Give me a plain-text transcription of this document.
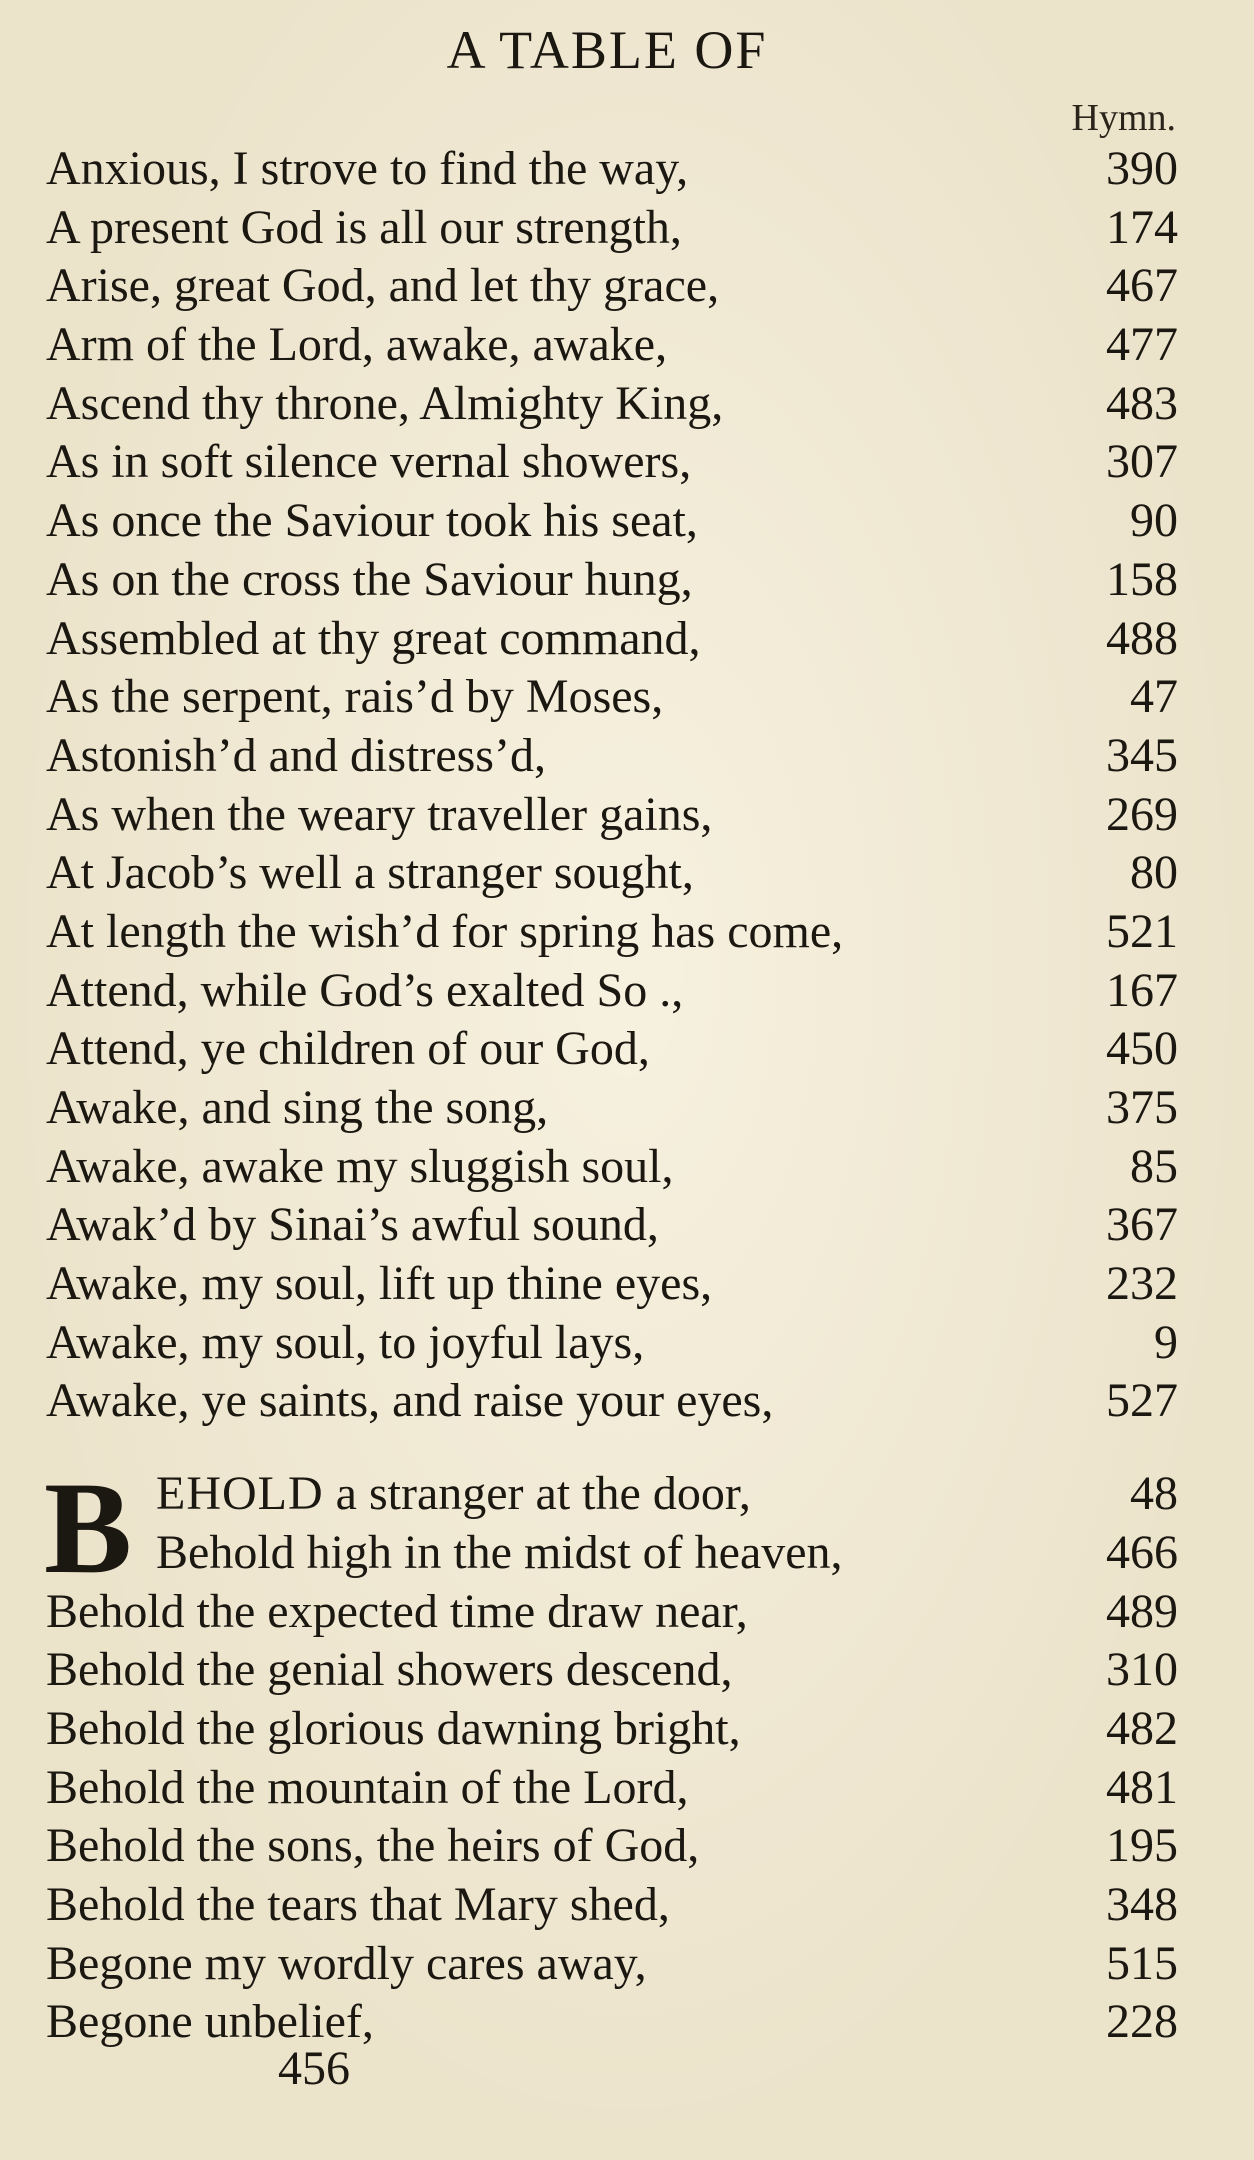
A TABLE OF
Hymn.
Anxious, I strove to find the way,	390
A present God is all our strength,	174
Arise, great God, and let thy grace,	467
Arm of the Lord, awake, awake,	477
Ascend thy throne, Almighty King,	483
As in soft silence vernal showers,	307
As once the Saviour took his seat,	90
As on the cross the Saviour hung,	158
Assembled at thy great command,	488
As the serpent, rais’d by Moses,	47
Astonish’d and distress’d,	345
As when the weary traveller gains,	269
At Jacob’s well a stranger sought,	80
At length the wish’d for spring has come,	521
Attend, while God’s exalted So .,	167
Attend, ye children of our God,	450
Awake, and sing the song,	375
Awake, awake my sluggish soul,	85
Awak’d by Sinai’s awful sound,	367
Awake, my soul, lift up thine eyes,	232
Awake, my soul, to joyful lays,	9
Awake, ye saints, and raise your eyes,	527
B EHOLD a stranger at the door,	48
Behold high in the midst of heaven,	466
Behold the expected time draw near,	489
Behold the genial showers descend,	310
Behold the glorious dawning bright,	482
Behold the mountain of the Lord,	481
Behold the sons, the heirs of God,	195
Behold the tears that Mary shed,	348
Begone my wordly cares away,	515
Begone unbelief,	228
456
